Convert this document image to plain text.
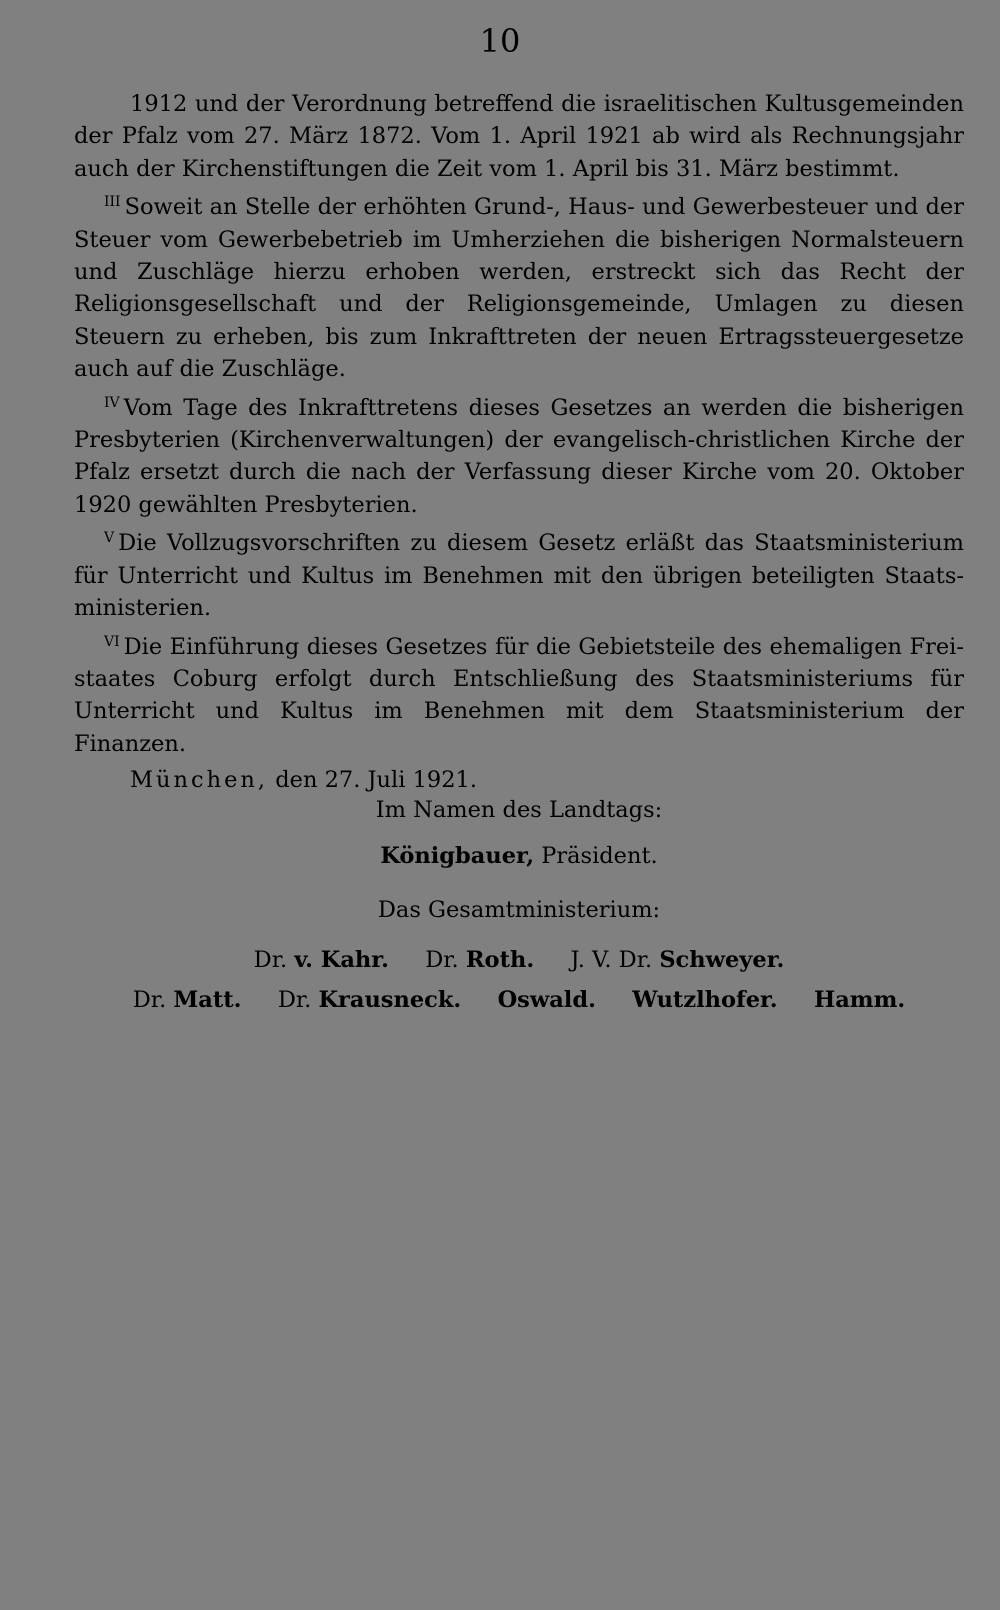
10

1912 und der Verordnung betreffend die israelitischen Kultusgemeinden der Pfalz vom 27. März 1872. Vom 1. April 1921 ab wird als Rechnungsjahr auch der Kirchenstiftungen die Zeit vom 1. April bis 31. März bestimmt.

$^{III}$ Soweit an Stelle der erhöhten Grund-, Haus- und Gewerbesteuer und der Steuer vom Gewerbebetrieb im Umherziehen die bisherigen Normalsteuern und Zuschläge hierzu erhoben werden, erstreckt sich das Recht der Religionsgesellschaft und der Religionsgemeinde, Umlagen zu diesen Steuern zu erheben, bis zum Inkrafttreten der neuen Ertragssteuergesetze auch auf die Zuschläge.

$^{IV}$ Vom Tage des Inkrafttretens dieses Gesetzes an werden die bisherigen Presbyterien (Kirchenverwaltungen) der evangelisch-christlichen Kirche der Pfalz ersetzt durch die nach der Verfassung dieser Kirche vom 20. Oktober 1920 gewählten Presbyterien.

$^V$ Die Vollzugsvorschriften zu diesem Gesetz erläßt das Staatsministerium für Unterricht und Kultus im Benehmen mit den übrigen beteiligten Staatsministerien.

$^{VI}$ Die Einführung dieses Gesetzes für die Gebietsteile des ehemaligen Freistaates Coburg erfolgt durch Entschließung des Staatsministeriums für Unterricht und Kultus im Benehmen mit dem Staatsministerium der Finanzen.

München, den 27. Juli 1921.

Im Namen des Landtags:
Königbauer, Präsident.
Das Gesamtministerium:
Dr. v. Kahr. Dr. Roth. J. V. Dr. Schweyer.
Dr. Matt. Dr. Krausneck. Oswald. Wutzlhofer. Hamm.
